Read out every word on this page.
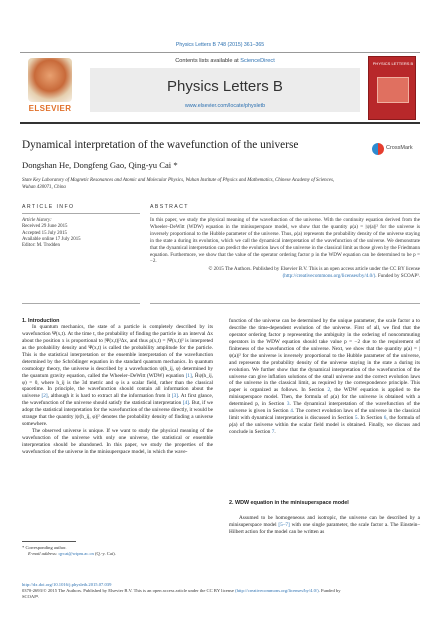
Physics Letters B 748 (2015) 361–365
ELSEVIER
Contents lists available at ScienceDirect
Physics Letters B
www.elsevier.com/locate/physletb
PHYSICS LETTERS B
Dynamical interpretation of the wavefunction of the universe	CrossMark
Dongshan He, Dongfeng Gao, Qing-yu Cai *
State Key Laboratory of Magnetic Resonances and Atomic and Molecular Physics, Wuhan Institute of Physics and Mathematics, Chinese Academy of Sciences,
Wuhan 430071, China
ARTICLE INFO	ABSTRACT
Article history:
Received 29 June 2015
Accepted 15 July 2015
Available online 17 July 2015
Editor: M. Trodden
In this paper, we study the physical meaning of the wavefunction of the universe. With the continuity equation derived from the Wheeler–DeWitt (WDW) equation in the minisuperspace model, we show that the quantity ρ(a) = |ψ(a)|² for the universe is inversely proportional to the Hubble parameter of the universe. Thus, ρ(a) represents the probability density of the universe staying in the state a during its evolution, which we call the dynamical interpretation of the wavefunction of the universe. We demonstrate that the dynamical interpretation can predict the evolution laws of the universe in the classical limit as those given by the Friedmann equation. Furthermore, we show that the value of the operator ordering factor p in the WDW equation can be determined to be p = −2.
© 2015 The Authors. Published by Elsevier B.V. This is an open access article under the CC BY license
(http://creativecommons.org/licenses/by/4.0/). Funded by SCOAP³.
1. Introduction

In quantum mechanics, the state of a particle is completely described by its wavefunction Ψ(x,t). At the time t, the probability of finding the particle in an interval Δx about the position x is proportional to |Ψ(x,t)|²Δx, and thus ρ(x,t) = |Ψ(x,t)|² is interpreted as the probability density and Ψ(x,t) is called the probability amplitude for the particle. This is the statistical interpretation or the ensemble interpretation of the wavefunction determined by the Schrödinger equation in the standard quantum mechanics. In quantum cosmology theory, the universe is described by a wavefunction ψ(h_ij, φ) determined by the quantum gravity equation, called the Wheeler–DeWitt (WDW) equation [1], Ĥψ(h_ij, φ) = 0, where h_ij is the 3d metric and φ is a scalar field, rather than the classical spacetime. In principle, the wavefunction should contain all information about the universe [2], although it is hard to extract all the information from it [3]. At first glance, the wavefunction of the universe should satisfy the statistical interpretation [4]. But, if we adopt the statistical interpretation for the wavefunction of the universe directly, it would be strange that the quantity |ψ(h_ij, φ)|² denotes the probability density of finding a universe somewhere.

The observed universe is unique. If we want to study the physical meaning of the wavefunction of the universe with only one universe, the statistical or ensemble interpretation should be abandoned. In this paper, we study the properties of the wavefunction of the universe in the minisuperspace model, in which the wave-

function of the universe can be determined by the unique parameter, the scale factor a to describe the time-dependent evolution of the universe. First of all, we find that the operator ordering factor p representing the ambiguity in the ordering of noncommuting operators in the WDW equation should take value p = −2 due to the requirement of finiteness of the wavefunction of the universe. Next, we show that the quantity ρ(a) = |ψ(a)|² for the universe is inversely proportional to the Hubble parameter of the universe, and represents the probability density of the universe staying in the state a during its evolution. We further show that the dynamical interpretation of the wavefunction of the universe can give inflation solutions of the small universe and the correct evolution laws of the universe in the classical limit, as required by the correspondence principle. This paper is organized as follows. In Section 2, the WDW equation is applied to the minisuperspace model. Then, the formula of ρ(a) for the universe is obtained with a determined p, in Section 3. The dynamical interpretation of the wavefunction of the universe is given in Section 4. The correct evolution laws of the universe in the classical limit with dynamical interpretation is discussed in Section 5. In Section 6, the formula of ρ(a) of the universe within the scalar field model is obtained. Finally, we discuss and conclude in Section 7.

2. WDW equation in the minisuperspace model

Assumed to be homogeneous and isotropic, the universe can be described by a minisuperspace model [5–7] with one single parameter, the scale factor a. The Einstein–Hilbert action for the model can be written as

* Corresponding author.
E-mail address: qycai@wipm.ac.cn (Q.-y. Cai).
http://dx.doi.org/10.1016/j.physletb.2015.07.039
0370-2693/© 2015 The Authors. Published by Elsevier B.V. This is an open access article under the CC BY license (http://creativecommons.org/licenses/by/4.0/). Funded by
SCOAP³.
